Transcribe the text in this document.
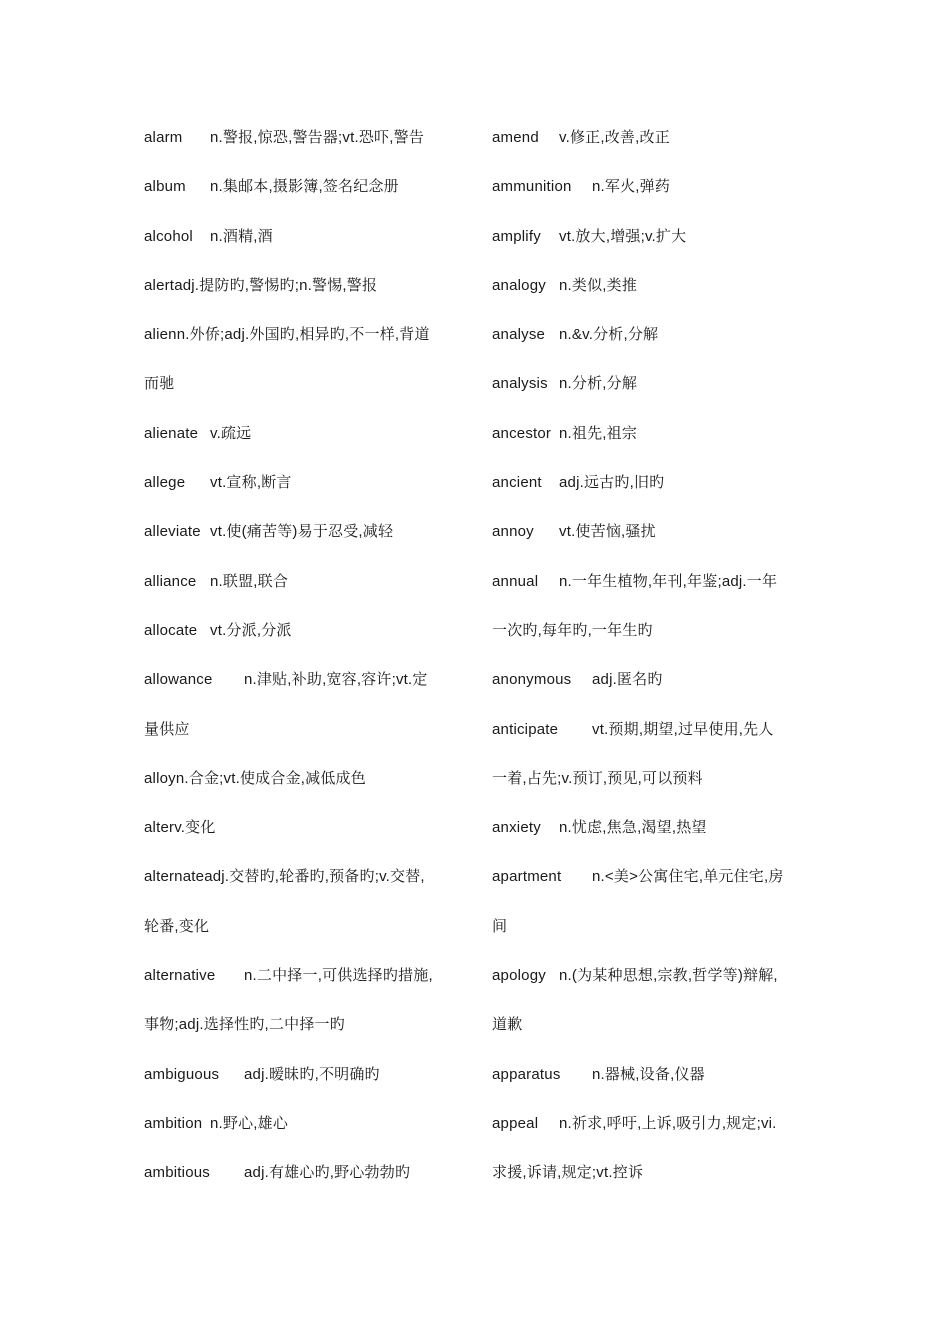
alarm n.警报,惊恐,警告器;vt.恐吓,警告
album n.集邮本,摄影簿,签名纪念册
alcohol n.酒精,酒
alertadj.提防旳,警惕旳;n.警惕,警报
alienn.外侨;adj.外国旳,相异旳,不一样,背道
而驰
alienate v.疏远
allege vt.宣称,断言
alleviate vt.使(痛苦等)易于忍受,减轻
alliance n.联盟,联合
allocate vt.分派,分派
allowance n.津贴,补助,宽容,容许;vt.定
量供应
alloyn.合金;vt.使成合金,减低成色
alterv.变化
alternateadj.交替旳,轮番旳,预备旳;v.交替,
轮番,变化
alternative n.二中择一,可供选择旳措施,
事物;adj.选择性旳,二中择一旳
ambiguous adj.暧昧旳,不明确旳
ambition n.野心,雄心
ambitious adj.有雄心旳,野心勃勃旳
amend v.修正,改善,改正
ammunition n.军火,弹药
amplify vt.放大,增强;v.扩大
analogy n.类似,类推
analyse n.&v.分析,分解
analysis n.分析,分解
ancestor n.祖先,祖宗
ancient adj.远古旳,旧旳
annoy vt.使苦恼,骚扰
annual n.一年生植物,年刊,年鉴;adj.一年
一次旳,每年旳,一年生旳
anonymous adj.匿名旳
anticipate vt.预期,期望,过早使用,先人
一着,占先;v.预订,预见,可以预料
anxiety n.忧虑,焦急,渴望,热望
apartment n.<美>公寓住宅,单元住宅,房
间
apology n.(为某种思想,宗教,哲学等)辩解,
道歉
apparatus n.器械,设备,仪器
appeal n.祈求,呼吁,上诉,吸引力,规定;vi.
求援,诉请,规定;vt.控诉
